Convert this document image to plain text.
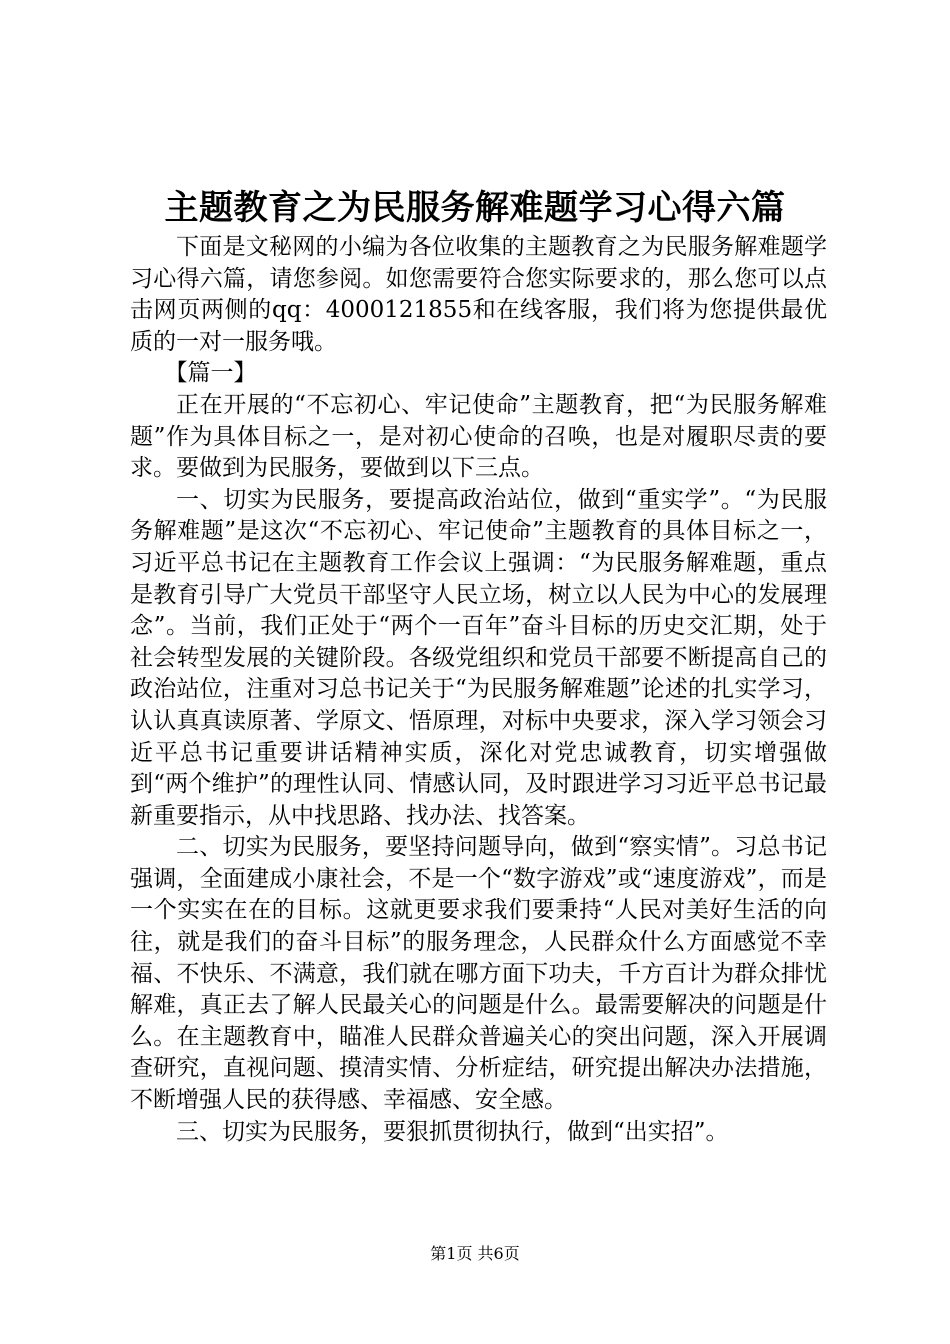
主题教育之为民服务解难题学习心得六篇

下面是文秘网的小编为各位收集的主题教育之为民服务解难题学习心得六篇，请您参阅。如您需要符合您实际要求的，那么您可以点击网页两侧的qq：4000121855和在线客服，我们将为您提供最优质的一对一服务哦。

【篇一】

正在开展的“不忘初心、牢记使命”主题教育，把“为民服务解难题”作为具体目标之一，是对初心使命的召唤，也是对履职尽责的要求。要做到为民服务，要做到以下三点。

一、切实为民服务，要提高政治站位，做到“重实学”。“为民服务解难题”是这次“不忘初心、牢记使命”主题教育的具体目标之一，习近平总书记在主题教育工作会议上强调：“为民服务解难题，重点是教育引导广大党员干部坚守人民立场，树立以人民为中心的发展理念”。当前，我们正处于“两个一百年”奋斗目标的历史交汇期，处于社会转型发展的关键阶段。各级党组织和党员干部要不断提高自己的政治站位，注重对习总书记关于“为民服务解难题”论述的扎实学习，认认真真读原著、学原文、悟原理，对标中央要求，深入学习领会习近平总书记重要讲话精神实质，深化对党忠诚教育，切实增强做到“两个维护”的理性认同、情感认同，及时跟进学习习近平总书记最新重要指示，从中找思路、找办法、找答案。

二、切实为民服务，要坚持问题导向，做到“察实情”。习总书记强调，全面建成小康社会，不是一个“数字游戏”或“速度游戏”，而是一个实实在在的目标。这就更要求我们要秉持“人民对美好生活的向往，就是我们的奋斗目标”的服务理念，人民群众什么方面感觉不幸福、不快乐、不满意，我们就在哪方面下功夫，千方百计为群众排忧解难，真正去了解人民最关心的问题是什么。最需要解决的问题是什么。在主题教育中，瞄准人民群众普遍关心的突出问题，深入开展调查研究，直视问题、摸清实情、分析症结，研究提出解决办法措施，不断增强人民的获得感、幸福感、安全感。

三、切实为民服务，要狠抓贯彻执行，做到“出实招”。

第1页 共6页
